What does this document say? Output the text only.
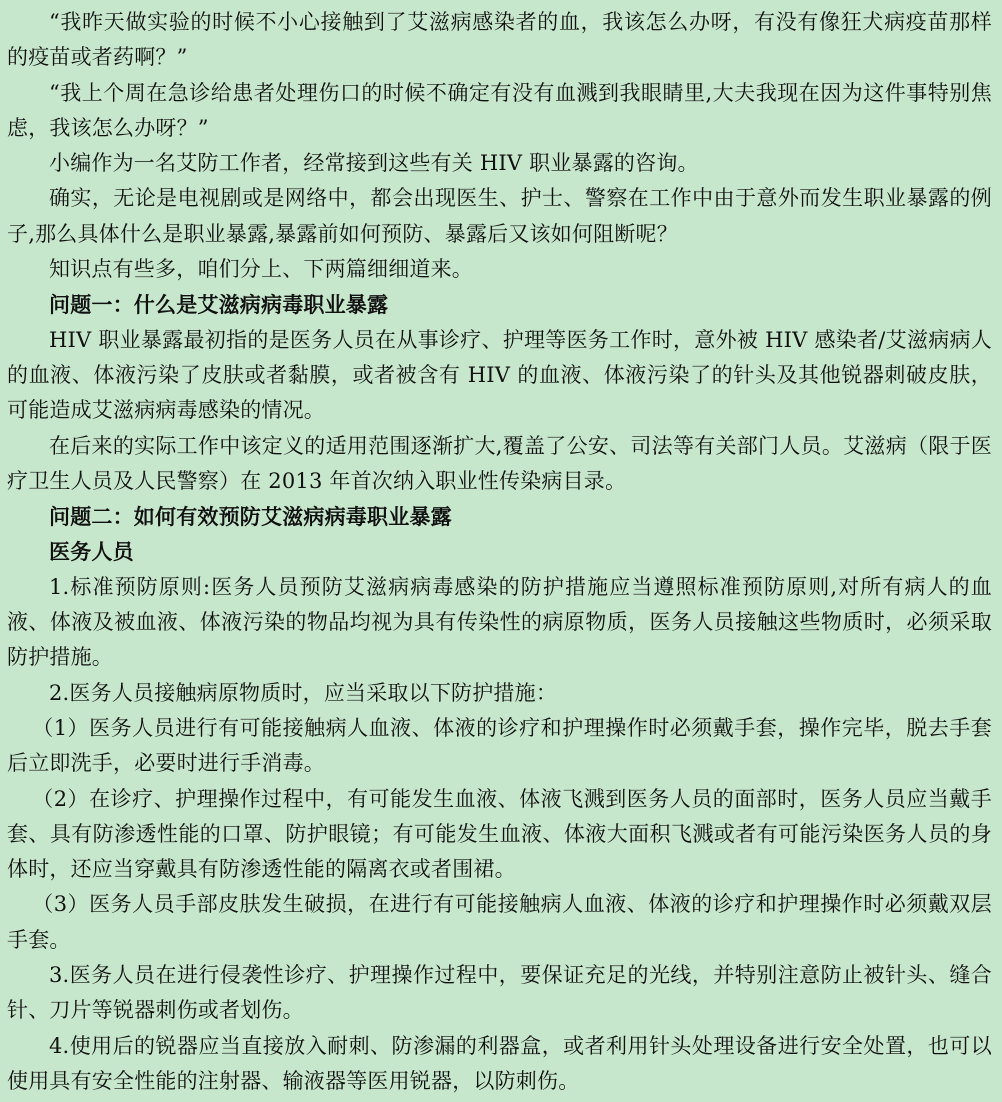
“我昨天做实验的时候不小心接触到了艾滋病感染者的血，我该怎么办呀，有没有像狂犬病疫苗那样的疫苗或者药啊？”

“我上个周在急诊给患者处理伤口的时候不确定有没有血溅到我眼睛里,大夫我现在因为这件事特别焦虑，我该怎么办呀？”

小编作为一名艾防工作者，经常接到这些有关 HIV 职业暴露的咨询。

确实，无论是电视剧或是网络中，都会出现医生、护士、警察在工作中由于意外而发生职业暴露的例子,那么具体什么是职业暴露,暴露前如何预防、暴露后又该如何阻断呢？

知识点有些多，咱们分上、下两篇细细道来。

问题一：什么是艾滋病病毒职业暴露

HIV 职业暴露最初指的是医务人员在从事诊疗、护理等医务工作时，意外被 HIV 感染者/艾滋病病人的血液、体液污染了皮肤或者黏膜，或者被含有 HIV 的血液、体液污染了的针头及其他锐器刺破皮肤，可能造成艾滋病病毒感染的情况。

在后来的实际工作中该定义的适用范围逐渐扩大,覆盖了公安、司法等有关部门人员。艾滋病（限于医疗卫生人员及人民警察）在 2013 年首次纳入职业性传染病目录。

问题二：如何有效预防艾滋病病毒职业暴露

医务人员

1.标准预防原则:医务人员预防艾滋病病毒感染的防护措施应当遵照标准预防原则,对所有病人的血液、体液及被血液、体液污染的物品均视为具有传染性的病原物质，医务人员接触这些物质时，必须采取防护措施。

2.医务人员接触病原物质时，应当采取以下防护措施：

（1）医务人员进行有可能接触病人血液、体液的诊疗和护理操作时必须戴手套，操作完毕，脱去手套后立即洗手，必要时进行手消毒。

（2）在诊疗、护理操作过程中，有可能发生血液、体液飞溅到医务人员的面部时，医务人员应当戴手套、具有防渗透性能的口罩、防护眼镜；有可能发生血液、体液大面积飞溅或者有可能污染医务人员的身体时，还应当穿戴具有防渗透性能的隔离衣或者围裙。

（3）医务人员手部皮肤发生破损，在进行有可能接触病人血液、体液的诊疗和护理操作时必须戴双层手套。

3.医务人员在进行侵袭性诊疗、护理操作过程中，要保证充足的光线，并特别注意防止被针头、缝合针、刀片等锐器刺伤或者划伤。

4.使用后的锐器应当直接放入耐刺、防渗漏的利器盒，或者利用针头处理设备进行安全处置，也可以使用具有安全性能的注射器、输液器等医用锐器，以防刺伤。
